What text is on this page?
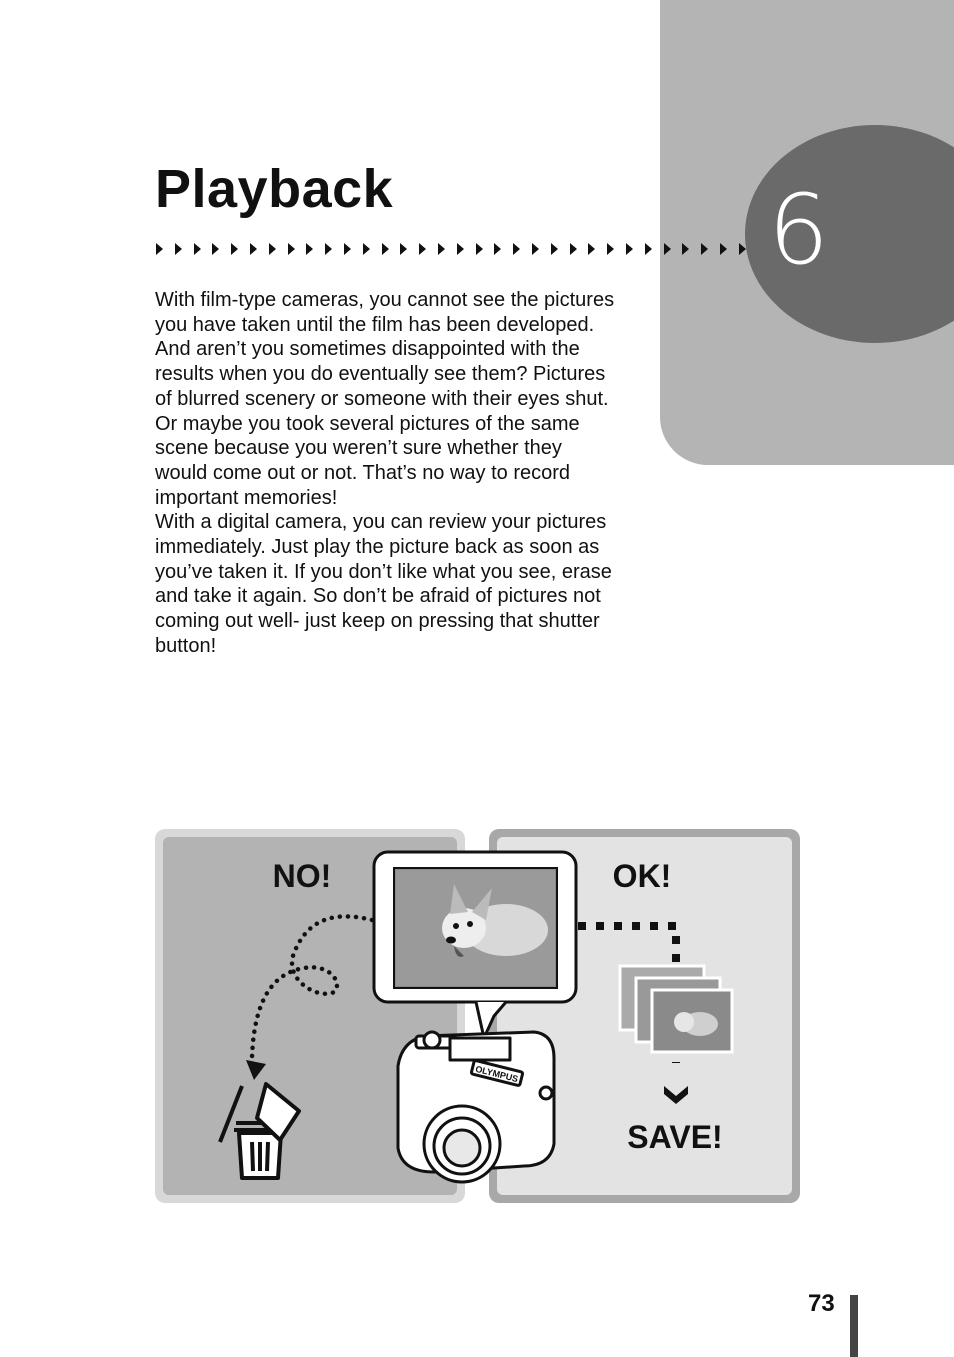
6
Playback

With film-type cameras, you cannot see the pictures you have taken until the film has been developed. And aren’t you sometimes disappointed with the results when you do eventually see them? Pictures of blurred scenery or someone with their eyes shut. Or maybe you took several pictures of the same scene because you weren’t sure whether they would come out or not. That’s no way to record important memories!

With a digital camera, you can review your pictures immediately. Just play the picture back as soon as you’ve taken it. If you don’t like what you see, erase and take it again. So don’t be afraid of pictures not coming out well- just keep on pressing that shutter button!

NO!	OK!
OLYMPUS
SAVE!
73
